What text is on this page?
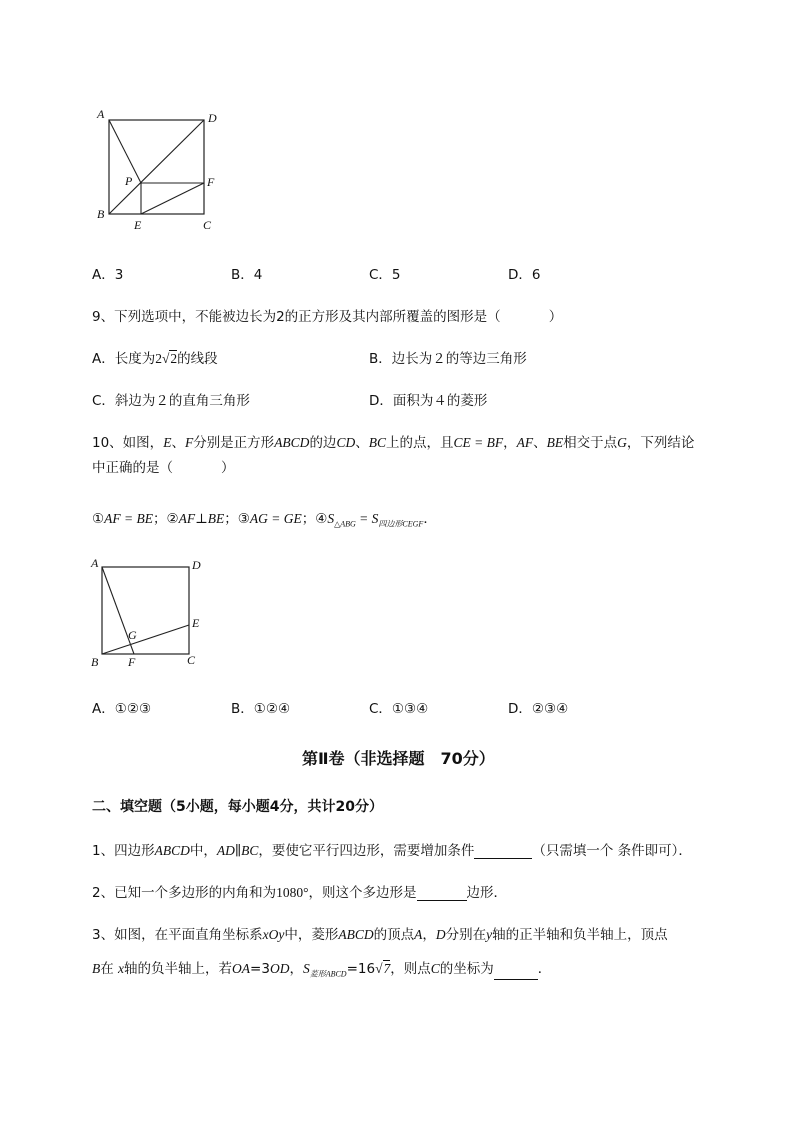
A	D
P	F
B
E	C
A．3	B．4	C．5	D．6
9、下列选项中，不能被边长为2的正方形及其内部所覆盖的图形是（	）
A．长度为2√2的线段	B．边长为２的等边三角形
C．斜边为２的直角三角形	D．面积为４的菱形
10、如图，E、F分别是正方形ABCD的边CD、BC上的点，且CE = BF，AF、BE相交于点G，下列结论
中正确的是（	）
①AF = BE；②AF⊥BE；③AG = GE；$④S_{\triangle ABG} = S_{四边形CEGF}$．
A	D
G
E
B F	C
A．①②③	B．①②④	C．①③④	D．②③④
第Ⅱ卷（非选择题　70分）
二、填空题（5小题，每小题4分，共计20分）
1、四边形ABCD中，AD∥BC，要使它平行四边形，需要增加条件	（只需填一个 条件即可）．
2、已知一个多边形的内角和为1080°，则这个多边形是	边形．
3、如图，在平面直角坐标系xOy中，菱形ABCD的顶点A，D分别在y轴的正半轴和负半轴上，顶点
B在 x轴的负半轴上，若OA=3OD，$S_{菱形ABCD}=16√7$，则点C的坐标为	．
